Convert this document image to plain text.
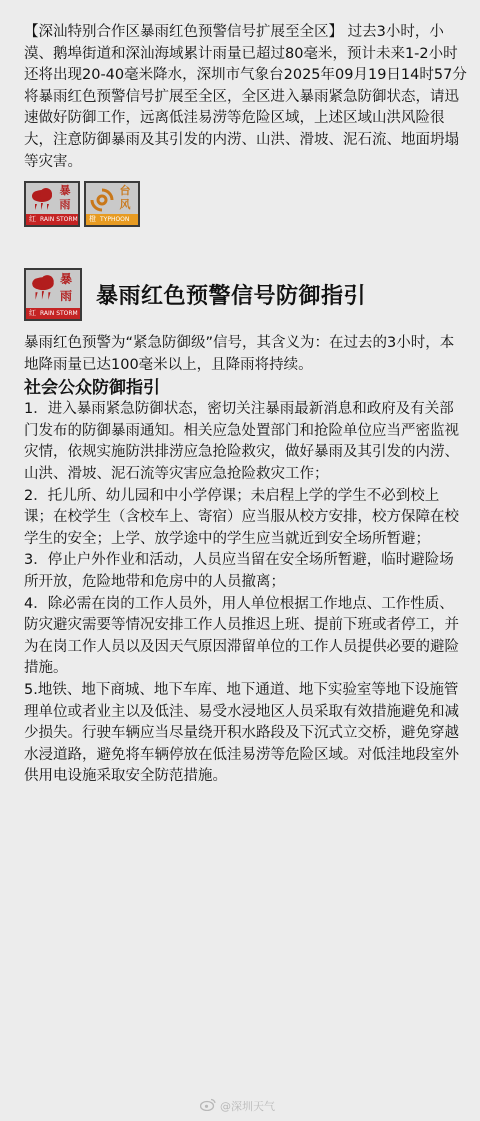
【深汕特别合作区暴雨红色预警信号扩展至全区】 过去3小时，小漠、鹅埠街道和深汕海域累计雨量已超过80毫米，预计未来1-2小时还将出现20-40毫米降水，深圳市气象台2025年09月19日14时57分将暴雨红色预警信号扩展至全区，全区进入暴雨紧急防御状态，请迅速做好防御工作，远离低洼易涝等危险区域，上述区域山洪风险很大，注意防御暴雨及其引发的内涝、山洪、滑坡、泥石流、地面坍塌等灾害。
暴
雨
红 RAIN STORM
台
风
橙 TYPHOON
暴
雨
红 RAIN STORM
暴雨红色预警信号防御指引

暴雨红色预警为“紧急防御级”信号，其含义为：在过去的3小时，本地降雨量已达100毫米以上，且降雨将持续。

社会公众防御指引

1．进入暴雨紧急防御状态，密切关注暴雨最新消息和政府及有关部门发布的防御暴雨通知。相关应急处置部门和抢险单位应当严密监视灾情，依规实施防洪排涝应急抢险救灾，做好暴雨及其引发的内涝、山洪、滑坡、泥石流等灾害应急抢险救灾工作；

2．托儿所、幼儿园和中小学停课；未启程上学的学生不必到校上课；在校学生（含校车上、寄宿）应当服从校方安排，校方保障在校学生的安全；上学、放学途中的学生应当就近到安全场所暂避；

3．停止户外作业和活动，人员应当留在安全场所暂避，临时避险场所开放，危险地带和危房中的人员撤离；

4．除必需在岗的工作人员外，用人单位根据工作地点、工作性质、防灾避灾需要等情况安排工作人员推迟上班、提前下班或者停工，并为在岗工作人员以及因天气原因滞留单位的工作人员提供必要的避险措施。

5.地铁、地下商城、地下车库、地下通道、地下实验室等地下设施管理单位或者业主以及低洼、易受水浸地区人员采取有效措施避免和减少损失。行驶车辆应当尽量绕开积水路段及下沉式立交桥，避免穿越水浸道路，避免将车辆停放在低洼易涝等危险区域。对低洼地段室外供用电设施采取安全防范措施。

@深圳天气
